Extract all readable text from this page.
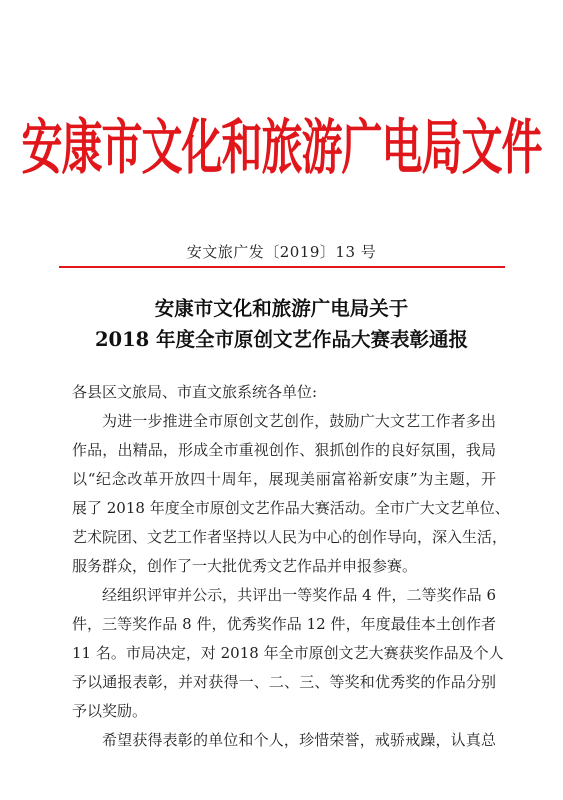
安康市文化和旅游广电局文件
安文旅广发〔2019〕13 号
安康市文化和旅游广电局关于
2018 年度全市原创文艺作品大赛表彰通报
各县区文旅局、市直文旅系统各单位:
为进一步推进全市原创文艺创作，鼓励广大文艺工作者多出
作品，出精品，形成全市重视创作、狠抓创作的良好氛围，我局
以“纪念改革开放四十周年，展现美丽富裕新安康”为主题，开
展了 2018 年度全市原创文艺作品大赛活动。全市广大文艺单位、
艺术院团、文艺工作者坚持以人民为中心的创作导向，深入生活，
服务群众，创作了一大批优秀文艺作品并申报参赛。
经组织评审并公示，共评出一等奖作品 4 件，二等奖作品 6
件，三等奖作品 8 件，优秀奖作品 12 件，年度最佳本土创作者
11 名。市局决定，对 2018 年全市原创文艺大赛获奖作品及个人
予以通报表彰，并对获得一、二、三、等奖和优秀奖的作品分别
予以奖励。
希望获得表彰的单位和个人，珍惜荣誉，戒骄戒躁，认真总
